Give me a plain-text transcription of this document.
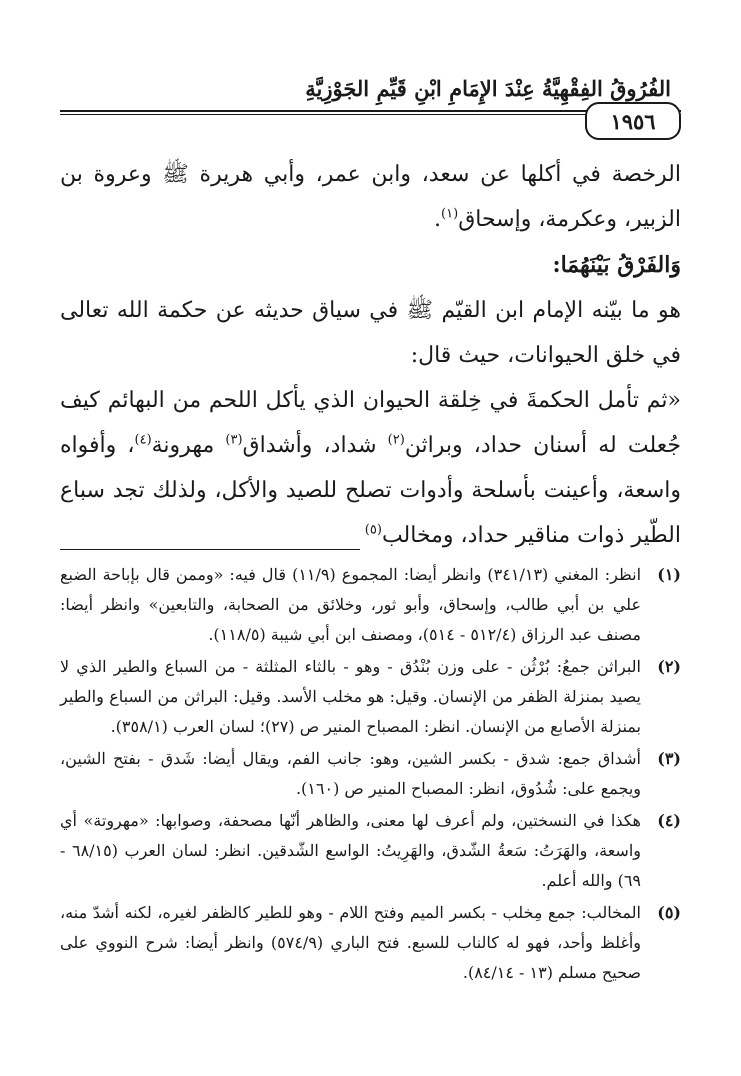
الفُرُوقُ الفِقْهِيَّةُ عِنْدَ الإِمَامِ ابْنِ قَيِّمِ الجَوْزِيَّةِ
١٩٥٦

الرخصة في أكلها عن سعد، وابن عمر، وأبي هريرة ﷺ وعروة بن الزبير، وعكرمة، وإسحاق$^{(١)}$.

وَالفَرْقُ بَيْنَهُمَا:

هو ما بيّنه الإمام ابن القيّم ﷺ في سياق حديثه عن حكمة الله تعالى في خلق الحيوانات، حيث قال:

«ثم تأمل الحكمةَ في خِلقة الحيوان الذي يأكل اللحم من البهائم كيف جُعلت له أسنان حداد، وبراثن$^{(٢)}$ شداد، وأشداق$^{(٣)}$ مهرونة$^{(٤)}$، وأفواه واسعة، وأعينت بأسلحة وأدوات تصلح للصيد والأكل، ولذلك تجد سباع الطّير ذوات مناقير حداد، ومخالب$^{(٥)}$

(١)
انظر: المغني (٣٤١/١٣) وانظر أيضا: المجموع (١١/٩) قال فيه: «وممن قال بإباحة الضبع علي بن أبي طالب، وإسحاق، وأبو ثور، وخلائق من الصحابة، والتابعين» وانظر أيضا: مصنف عبد الرزاق (٥١٢/٤ - ٥١٤)، ومصنف ابن أبي شيبة (١١٨/٥).
(٢)
البراثن جمعُ: بُرْثُن - على وزن بُنْدُق - وهو - بالثاء المثلثة - من السباع والطير الذي لا يصيد بمنزلة الظفر من الإنسان. وقيل: هو مخلب الأسد. وقيل: البراثن من السباع والطير بمنزلة الأصابع من الإنسان. انظر: المصباح المنير ص (٢٧)؛ لسان العرب (٣٥٨/١).
(٣)
أشداق جمع: شدق - بكسر الشين، وهو: جانب الفم، ويقال أيضا: شَدق - بفتح الشين، ويجمع على: شُدُوق، انظر: المصباح المنير ص (١٦٠).
(٤)
هكذا في النسختين، ولم أعرف لها معنى، والظاهر أنّها مصحفة، وصوابها: «مهروتة» أي واسعة، والهَرَتُ: سَعةُ الشّدق، والهَرِيتُ: الواسع الشّدقين. انظر: لسان العرب (٦٨/١٥ - ٦٩) والله أعلم.
(٥)
المخالب: جمع مِخلب - بكسر الميم وفتح اللام - وهو للطير كالظفر لغيره، لكنه أشدّ منه، وأغلظ وأحد، فهو له كالناب للسبع. فتح الباري (٥٧٤/٩) وانظر أيضا: شرح النووي على صحيح مسلم (١٣ - ٨٤/١٤).
